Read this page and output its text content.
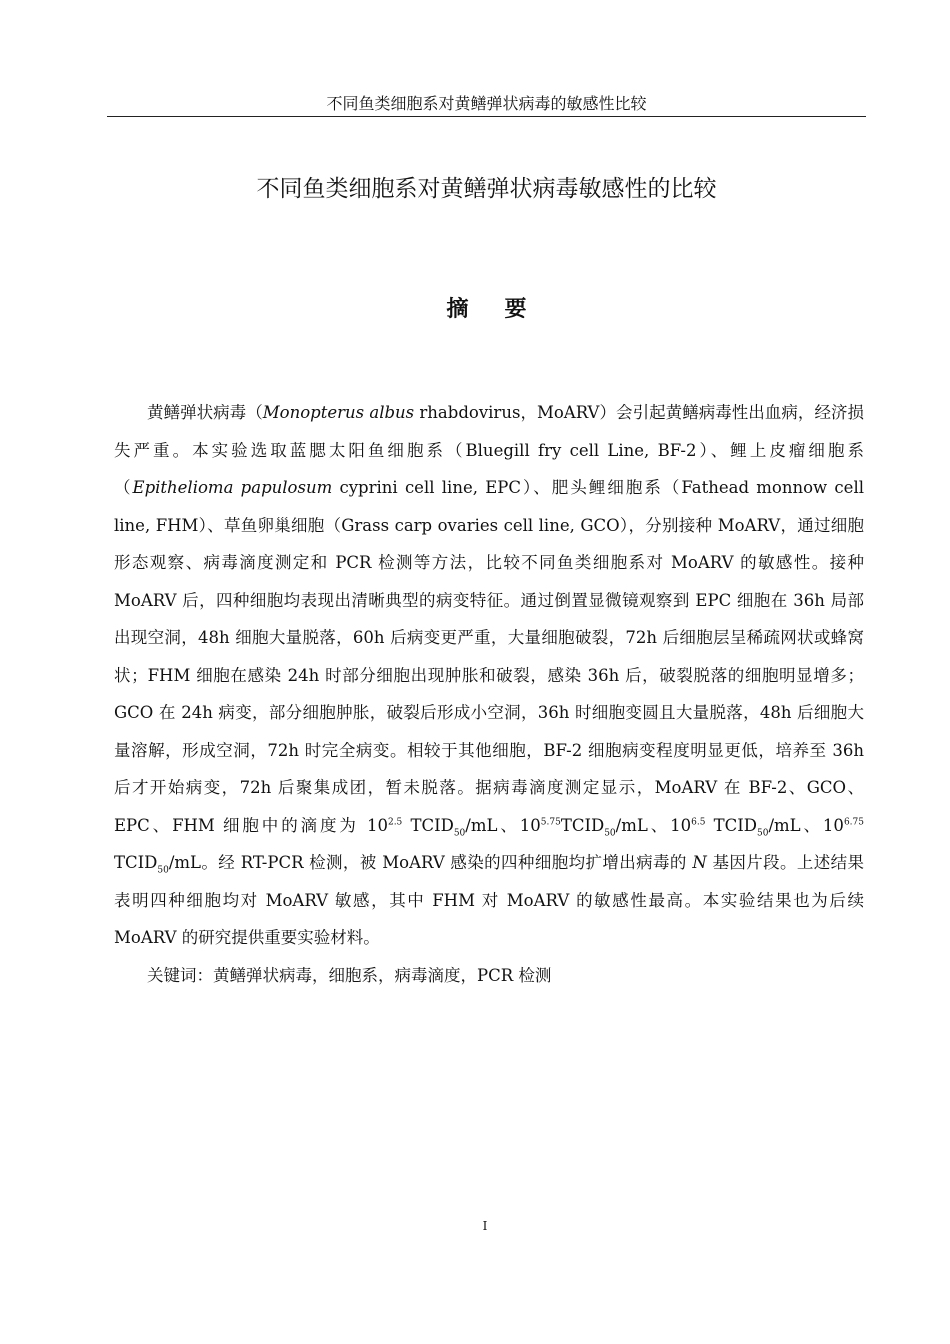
不同鱼类细胞系对黄鳝弹状病毒的敏感性比较
不同鱼类细胞系对黄鳝弹状病毒敏感性的比较
摘要

黄鳝弹状病毒（Monopterus albus rhabdovirus，MoARV）会引起黄鳝病毒性出血病，经济损失严重。本实验选取蓝腮太阳鱼细胞系（Bluegill fry cell Line, BF-2）、鲤上皮瘤细胞系（Epithelioma papulosum cyprini cell line, EPC）、肥头鲤细胞系（Fathead monnow cell line, FHM）、草鱼卵巢细胞（Grass carp ovaries cell line, GCO），分别接种 MoARV，通过细胞形态观察、病毒滴度测定和 PCR 检测等方法，比较不同鱼类细胞系对 MoARV 的敏感性。接种 MoARV 后，四种细胞均表现出清晰典型的病变特征。通过倒置显微镜观察到 EPC 细胞在 36h 局部出现空洞，48h 细胞大量脱落，60h 后病变更严重，大量细胞破裂，72h 后细胞层呈稀疏网状或蜂窝状；FHM 细胞在感染 24h 时部分细胞出现肿胀和破裂，感染 36h 后，破裂脱落的细胞明显增多；GCO 在 24h 病变，部分细胞肿胀，破裂后形成小空洞，36h 时细胞变圆且大量脱落，48h 后细胞大量溶解，形成空洞，72h 时完全病变。相较于其他细胞，BF-2 细胞病变程度明显更低，培养至 36h 后才开始病变，72h 后聚集成团，暂未脱落。据病毒滴度测定显示，MoARV 在 BF-2、GCO、EPC、FHM 细胞中的滴度为 $10^{2.5}$ $TCID_{50}/mL$、$10^{5.75}TCID_{50}/mL$、$10^{6.5}$ $TCID_{50}/mL$、$10^{6.75}$ $TCID_{50}/mL$。经 RT-PCR 检测，被 MoARV 感染的四种细胞均扩增出病毒的 N 基因片段。上述结果表明四种细胞均对 MoARV 敏感，其中 FHM 对 MoARV 的敏感性最高。本实验结果也为后续 MoARV 的研究提供重要实验材料。

关键词：黄鳝弹状病毒，细胞系，病毒滴度，PCR 检测

I
